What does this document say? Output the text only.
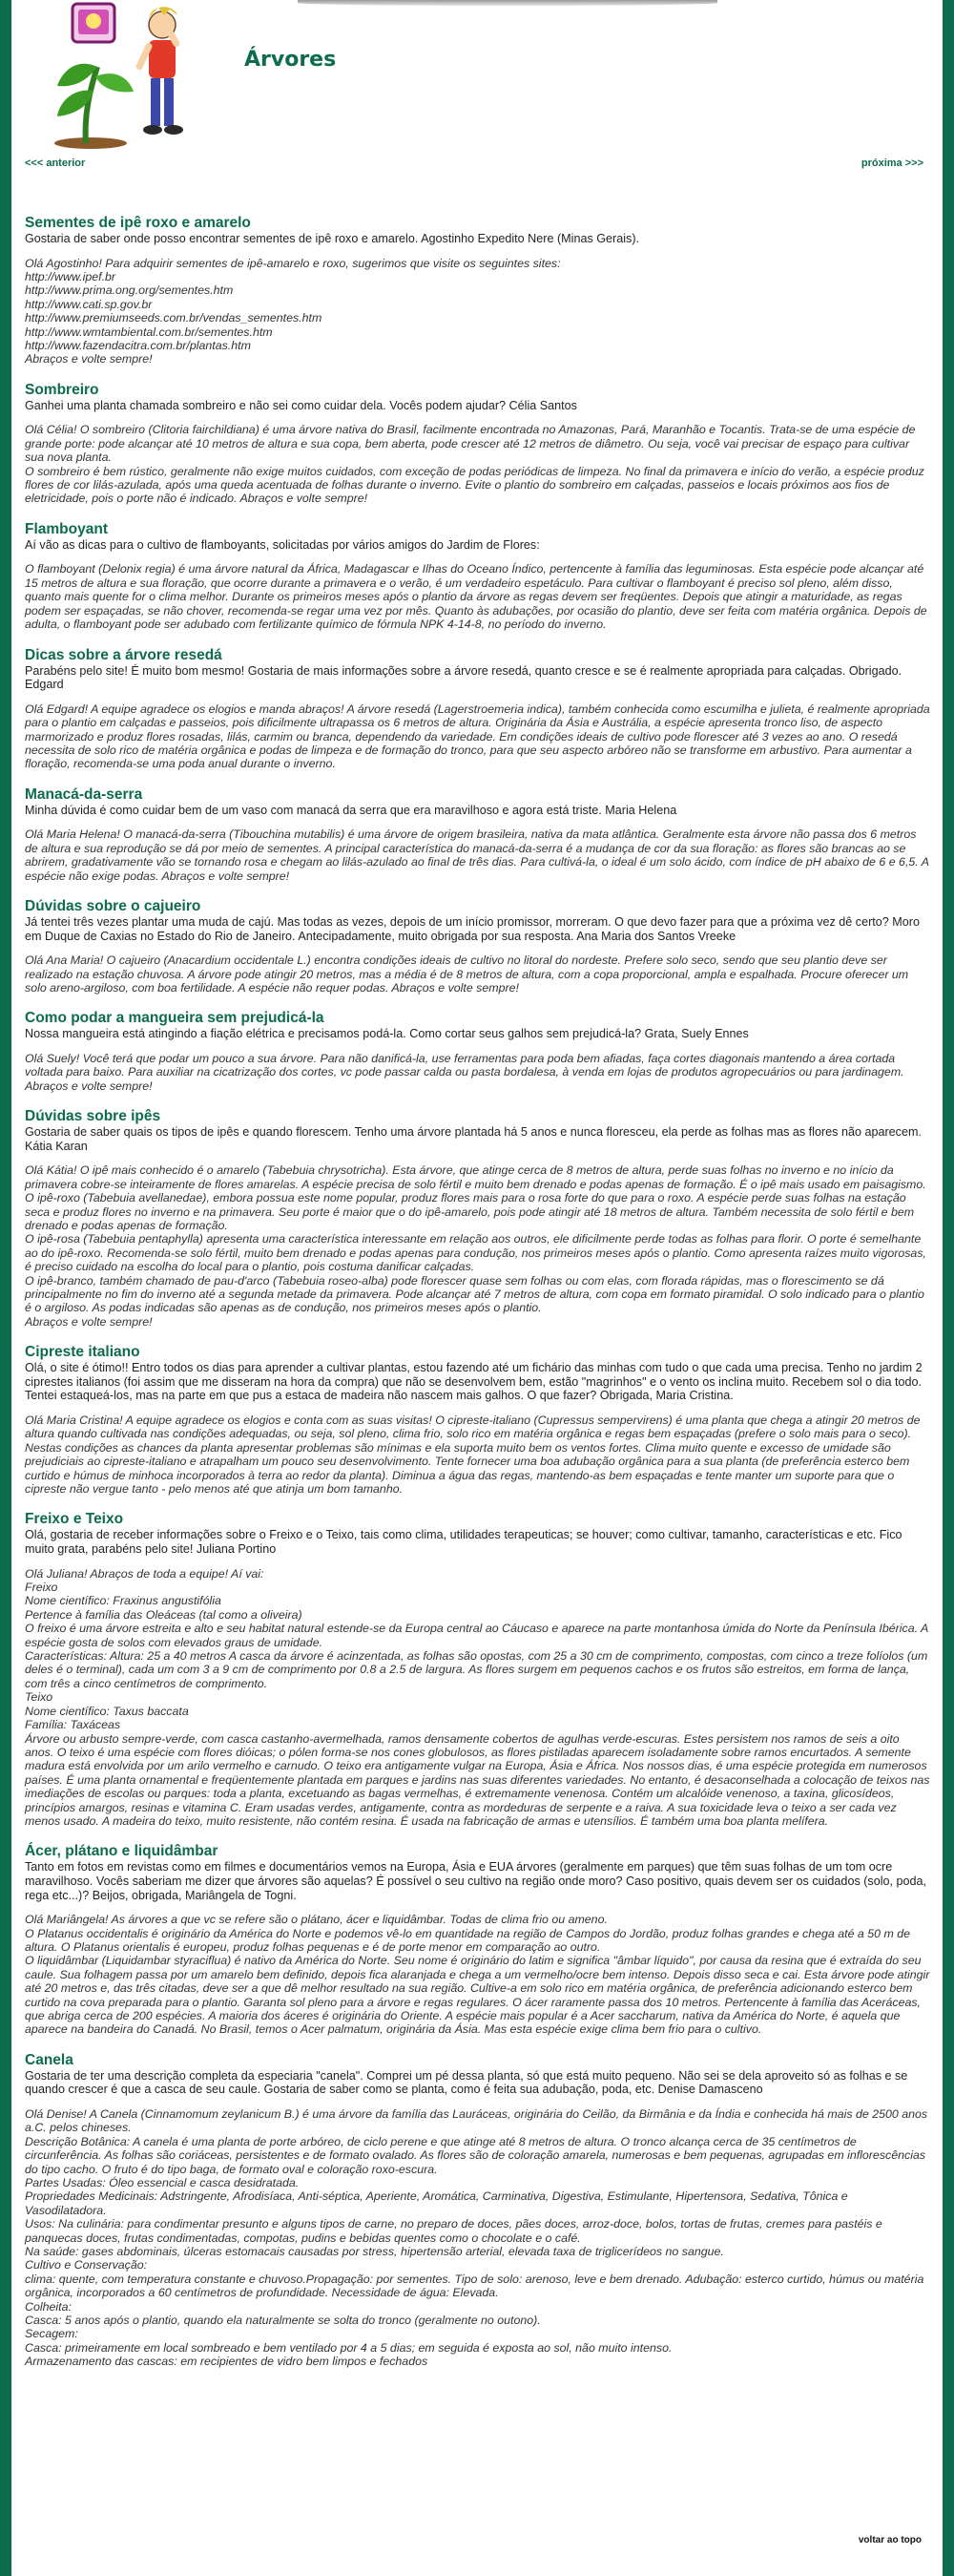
Árvores
<<< anterior	próxima >>>
Sementes de ipê roxo e amarelo

Gostaria de saber onde posso encontrar sementes de ipê roxo e amarelo. Agostinho Expedito Nere (Minas Gerais).

Olá Agostinho! Para adquirir sementes de ipê-amarelo e roxo, sugerimos que visite os seguintes sites:
http://www.ipef.br
http://www.prima.ong.org/sementes.htm
http://www.cati.sp.gov.br
http://www.premiumseeds.com.br/vendas_sementes.htm
http://www.wmtambiental.com.br/sementes.htm
http://www.fazendacitra.com.br/plantas.htm
Abraços e volte sempre!

Sombreiro

Ganhei uma planta chamada sombreiro e não sei como cuidar dela. Vocês podem ajudar? Célia Santos

Olá Célia! O sombreiro (Clitoria fairchildiana) é uma árvore nativa do Brasil, facilmente encontrada no Amazonas, Pará, Maranhão e Tocantis. Trata-se de uma espécie de grande porte: pode alcançar até 10 metros de altura e sua copa, bem aberta, pode crescer até 12 metros de diâmetro. Ou seja, você vai precisar de espaço para cultivar sua nova planta.
O sombreiro é bem rústico, geralmente não exige muitos cuidados, com exceção de podas periódicas de limpeza. No final da primavera e início do verão, a espécie produz flores de cor lilás-azulada, após uma queda acentuada de folhas durante o inverno. Evite o plantio do sombreiro em calçadas, passeios e locais próximos aos fios de eletricidade, pois o porte não é indicado. Abraços e volte sempre!

Flamboyant

Aí vão as dicas para o cultivo de flamboyants, solicitadas por vários amigos do Jardim de Flores:

O flamboyant (Delonix regia) é uma árvore natural da África, Madagascar e Ilhas do Oceano Índico, pertencente à família das leguminosas. Esta espécie pode alcançar até 15 metros de altura e sua floração, que ocorre durante a primavera e o verão, é um verdadeiro espetáculo. Para cultivar o flamboyant é preciso sol pleno, além disso, quanto mais quente for o clima melhor. Durante os primeiros meses após o plantio da árvore as regas devem ser freqüentes. Depois que atingir a maturidade, as regas podem ser espaçadas, se não chover, recomenda-se regar uma vez por mês. Quanto às adubações, por ocasião do plantio, deve ser feita com matéria orgânica. Depois de adulta, o flamboyant pode ser adubado com fertilizante químico de fórmula NPK 4-14-8, no período do inverno.

Dicas sobre a árvore resedá

Parabéns pelo site! É muito bom mesmo! Gostaria de mais informações sobre a árvore resedá, quanto cresce e se é realmente apropriada para calçadas. Obrigado. Edgard

Olá Edgard! A equipe agradece os elogios e manda abraços! A árvore resedá (Lagerstroemeria indica), também conhecida como escumilha e julieta, é realmente apropriada para o plantio em calçadas e passeios, pois dificilmente ultrapassa os 6 metros de altura. Originária da Ásia e Austrália, a espécie apresenta tronco liso, de aspecto marmorizado e produz flores rosadas, lilás, carmim ou branca, dependendo da variedade. Em condições ideais de cultivo pode florescer até 3 vezes ao ano. O resedá necessita de solo rico de matéria orgânica e podas de limpeza e de formação do tronco, para que seu aspecto arbóreo não se transforme em arbustivo. Para aumentar a floração, recomenda-se uma poda anual durante o inverno.

Manacá-da-serra

Minha dúvida é como cuidar bem de um vaso com manacá da serra que era maravilhoso e agora está triste. Maria Helena

Olá Maria Helena! O manacá-da-serra (Tibouchina mutabilis) é uma árvore de origem brasileira, nativa da mata atlântica. Geralmente esta árvore não passa dos 6 metros de altura e sua reprodução se dá por meio de sementes. A principal característica do manacá-da-serra é a mudança de cor da sua floração: as flores são brancas ao se abrirem, gradativamente vão se tornando rosa e chegam ao lilás-azulado ao final de três dias. Para cultivá-la, o ideal é um solo ácido, com índice de pH abaixo de 6 e 6,5. A espécie não exige podas. Abraços e volte sempre!

Dúvidas sobre o cajueiro

Já tentei três vezes plantar uma muda de cajú. Mas todas as vezes, depois de um início promissor, morreram. O que devo fazer para que a próxima vez dê certo? Moro em Duque de Caxias no Estado do Rio de Janeiro. Antecipadamente, muito obrigada por sua resposta. Ana Maria dos Santos Vreeke

Olá Ana Maria! O cajueiro (Anacardium occidentale L.) encontra condições ideais de cultivo no litoral do nordeste. Prefere solo seco, sendo que seu plantio deve ser realizado na estação chuvosa. A árvore pode atingir 20 metros, mas a média é de 8 metros de altura, com a copa proporcional, ampla e espalhada. Procure oferecer um solo areno-argiloso, com boa fertilidade. A espécie não requer podas. Abraços e volte sempre!

Como podar a mangueira sem prejudicá-la

Nossa mangueira está atingindo a fiação elétrica e precisamos podá-la. Como cortar seus galhos sem prejudicá-la? Grata, Suely Ennes

Olá Suely! Você terá que podar um pouco a sua árvore. Para não danificá-la, use ferramentas para poda bem afiadas, faça cortes diagonais mantendo a área cortada voltada para baixo. Para auxiliar na cicatrização dos cortes, vc pode passar calda ou pasta bordalesa, à venda em lojas de produtos agropecuários ou para jardinagem. Abraços e volte sempre!

Dúvidas sobre ipês

Gostaria de saber quais os tipos de ipês e quando florescem. Tenho uma árvore plantada há 5 anos e nunca floresceu, ela perde as folhas mas as flores não aparecem. Kátia Karan

Olá Kátia! O ipê mais conhecido é o amarelo (Tabebuia chrysotricha). Esta árvore, que atinge cerca de 8 metros de altura, perde suas folhas no inverno e no início da primavera cobre-se inteiramente de flores amarelas. A espécie precisa de solo fértil e muito bem drenado e podas apenas de formação. É o ipê mais usado em paisagismo.
O ipê-roxo (Tabebuia avellanedae), embora possua este nome popular, produz flores mais para o rosa forte do que para o roxo. A espécie perde suas folhas na estação seca e produz flores no inverno e na primavera. Seu porte é maior que o do ipê-amarelo, pois pode atingir até 18 metros de altura. Também necessita de solo fértil e bem drenado e podas apenas de formação.
O ipê-rosa (Tabebuia pentaphylla) apresenta uma característica interessante em relação aos outros, ele dificilmente perde todas as folhas para florir. O porte é semelhante ao do ipê-roxo. Recomenda-se solo fértil, muito bem drenado e podas apenas para condução, nos primeiros meses após o plantio. Como apresenta raízes muito vigorosas, é preciso cuidado na escolha do local para o plantio, pois costuma danificar calçadas.
O ipê-branco, também chamado de pau-d'arco (Tabebuia roseo-alba) pode florescer quase sem folhas ou com elas, com florada rápidas, mas o florescimento se dá principalmente no fim do inverno até a segunda metade da primavera. Pode alcançar até 7 metros de altura, com copa em formato piramidal. O solo indicado para o plantio é o argiloso. As podas indicadas são apenas as de condução, nos primeiros meses após o plantio.
Abraços e volte sempre!

Cipreste italiano

Olá, o site é ótimo!! Entro todos os dias para aprender a cultivar plantas, estou fazendo até um fichário das minhas com tudo o que cada uma precisa. Tenho no jardim 2 ciprestes italianos (foi assim que me disseram na hora da compra) que não se desenvolvem bem, estão "magrinhos" e o vento os inclina muito. Recebem sol o dia todo. Tentei estaqueá-los, mas na parte em que pus a estaca de madeira não nascem mais galhos. O que fazer? Obrigada, Maria Cristina.

Olá Maria Cristina! A equipe agradece os elogios e conta com as suas visitas! O cipreste-italiano (Cupressus sempervirens) é uma planta que chega a atingir 20 metros de altura quando cultivada nas condições adequadas, ou seja, sol pleno, clima frio, solo rico em matéria orgânica e regas bem espaçadas (prefere o solo mais para o seco). Nestas condições as chances da planta apresentar problemas são mínimas e ela suporta muito bem os ventos fortes. Clima muito quente e excesso de umidade são prejudiciais ao cipreste-italiano e atrapalham um pouco seu desenvolvimento. Tente fornecer uma boa adubação orgânica para a sua planta (de preferência esterco bem curtido e húmus de minhoca incorporados à terra ao redor da planta). Diminua a água das regas, mantendo-as bem espaçadas e tente manter um suporte para que o cipreste não vergue tanto - pelo menos até que atinja um bom tamanho.

Freixo e Teixo

Olá, gostaria de receber informações sobre o Freixo e o Teixo, tais como clima, utilidades terapeuticas; se houver; como cultivar, tamanho, características e etc. Fico muito grata, parabéns pelo site! Juliana Portino

Olá Juliana! Abraços de toda a equipe! Aí vai:
Freixo
Nome científico: Fraxinus angustifólia
Pertence à família das Oleáceas (tal como a oliveira)
O freixo é uma árvore estreita e alto e seu habitat natural estende-se da Europa central ao Cáucaso e aparece na parte montanhosa úmida do Norte da Península Ibérica. A espécie gosta de solos com elevados graus de umidade.
Características: Altura: 25 a 40 metros A casca da árvore é acinzentada, as folhas são opostas, com 25 a 30 cm de comprimento, compostas, com cinco a treze folíolos (um deles é o terminal), cada um com 3 a 9 cm de comprimento por 0.8 a 2.5 de largura. As flores surgem em pequenos cachos e os frutos são estreitos, em forma de lança, com três a cinco centímetros de comprimento.
Teixo
Nome científico: Taxus baccata
Família: Taxáceas
Árvore ou arbusto sempre-verde, com casca castanho-avermelhada, ramos densamente cobertos de agulhas verde-escuras. Estes persistem nos ramos de seis a oito anos. O teixo é uma espécie com flores dióicas; o pólen forma-se nos cones globulosos, as flores pistiladas aparecem isoladamente sobre ramos encurtados. A semente madura está envolvida por um arilo vermelho e carnudo. O teixo era antigamente vulgar na Europa, Ásia e África. Nos nossos dias, é uma espécie protegida em numerosos países. É uma planta ornamental e freqüentemente plantada em parques e jardins nas suas diferentes variedades. No entanto, é desaconselhada a colocação de teixos nas imediações de escolas ou parques: toda a planta, excetuando as bagas vermelhas, é extremamente venenosa. Contém um alcalóide venenoso, a taxina, glicosídeos, princípios amargos, resinas e vitamina C. Eram usadas verdes, antigamente, contra as mordeduras de serpente e a raiva. A sua toxicidade leva o teixo a ser cada vez menos usado. A madeira do teixo, muito resistente, não contém resina. É usada na fabricação de armas e utensílios. É também uma boa planta melífera.

Ácer, plátano e liquidâmbar

Tanto em fotos em revistas como em filmes e documentários vemos na Europa, Ásia e EUA árvores (geralmente em parques) que têm suas folhas de um tom ocre maravilhoso. Vocês saberiam me dizer que árvores são aquelas? É possível o seu cultivo na região onde moro? Caso positivo, quais devem ser os cuidados (solo, poda, rega etc...)? Beijos, obrigada, Mariângela de Togni.

Olá Mariângela! As árvores a que vc se refere são o plátano, ácer e liquidâmbar. Todas de clima frio ou ameno.
O Platanus occidentalis é originário da América do Norte e podemos vê-lo em quantidade na região de Campos do Jordão, produz folhas grandes e chega até a 50 m de altura. O Platanus orientalis é europeu, produz folhas pequenas e é de porte menor em comparação ao outro.
O liquidâmbar (Liquidambar styraciflua) é nativo da América do Norte. Seu nome é originário do latim e significa "âmbar líquido", por causa da resina que é extraída do seu caule. Sua folhagem passa por um amarelo bem definido, depois fica alaranjada e chega a um vermelho/ocre bem intenso. Depois disso seca e cai. Esta árvore pode atingir até 20 metros e, das três citadas, deve ser a que dê melhor resultado na sua região. Cultive-a em solo rico em matéria orgânica, de preferência adicionando esterco bem curtido na cova preparada para o plantio. Garanta sol pleno para a árvore e regas regulares. O ácer raramente passa dos 10 metros. Pertencente à família das Aceráceas, que abriga cerca de 200 espécies. A maioria dos áceres é originária do Oriente. A espécie mais popular é a Acer saccharum, nativa da América do Norte, é aquela que aparece na bandeira do Canadá. No Brasil, temos o Acer palmatum, originária da Ásia. Mas esta espécie exige clima bem frio para o cultivo.

Canela

Gostaria de ter uma descrição completa da especiaria "canela". Comprei um pé dessa planta, só que está muito pequeno. Não sei se dela aproveito só as folhas e se quando crescer é que a casca de seu caule. Gostaria de saber como se planta, como é feita sua adubação, poda, etc. Denise Damasceno

Olá Denise! A Canela (Cinnamomum zeylanicum B.) é uma árvore da família das Lauráceas, originária do Ceilão, da Birmânia e da Índia e conhecida há mais de 2500 anos a.C. pelos chineses.
Descrição Botânica: A canela é uma planta de porte arbóreo, de ciclo perene e que atinge até 8 metros de altura. O tronco alcança cerca de 35 centímetros de circunferência. As folhas são coriáceas, persistentes e de formato ovalado. As flores são de coloração amarela, numerosas e bem pequenas, agrupadas em inflorescências do tipo cacho. O fruto é do tipo baga, de formato oval e coloração roxo-escura.
Partes Usadas: Óleo essencial e casca desidratada.
Propriedades Medicinais: Adstringente, Afrodisíaca, Anti-séptica, Aperiente, Aromática, Carminativa, Digestiva, Estimulante, Hipertensora, Sedativa, Tônica e Vasodilatadora.
Usos: Na culinária: para condimentar presunto e alguns tipos de carne, no preparo de doces, pães doces, arroz-doce, bolos, tortas de frutas, cremes para pastéis e panquecas doces, frutas condimentadas, compotas, pudins e bebidas quentes como o chocolate e o café.
Na saúde: gases abdominais, úlceras estomacais causadas por stress, hipertensão arterial, elevada taxa de triglicerídeos no sangue.
Cultivo e Conservação:
clima: quente, com temperatura constante e chuvoso.Propagação: por sementes. Tipo de solo: arenoso, leve e bem drenado. Adubação: esterco curtido, húmus ou matéria orgânica, incorporados a 60 centímetros de profundidade. Necessidade de água: Elevada.
Colheita:
Casca: 5 anos após o plantio, quando ela naturalmente se solta do tronco (geralmente no outono).
Secagem:
Casca: primeiramente em local sombreado e bem ventilado por 4 a 5 dias; em seguida é exposta ao sol, não muito intenso.
Armazenamento das cascas: em recipientes de vidro bem limpos e fechados

voltar ao topo
